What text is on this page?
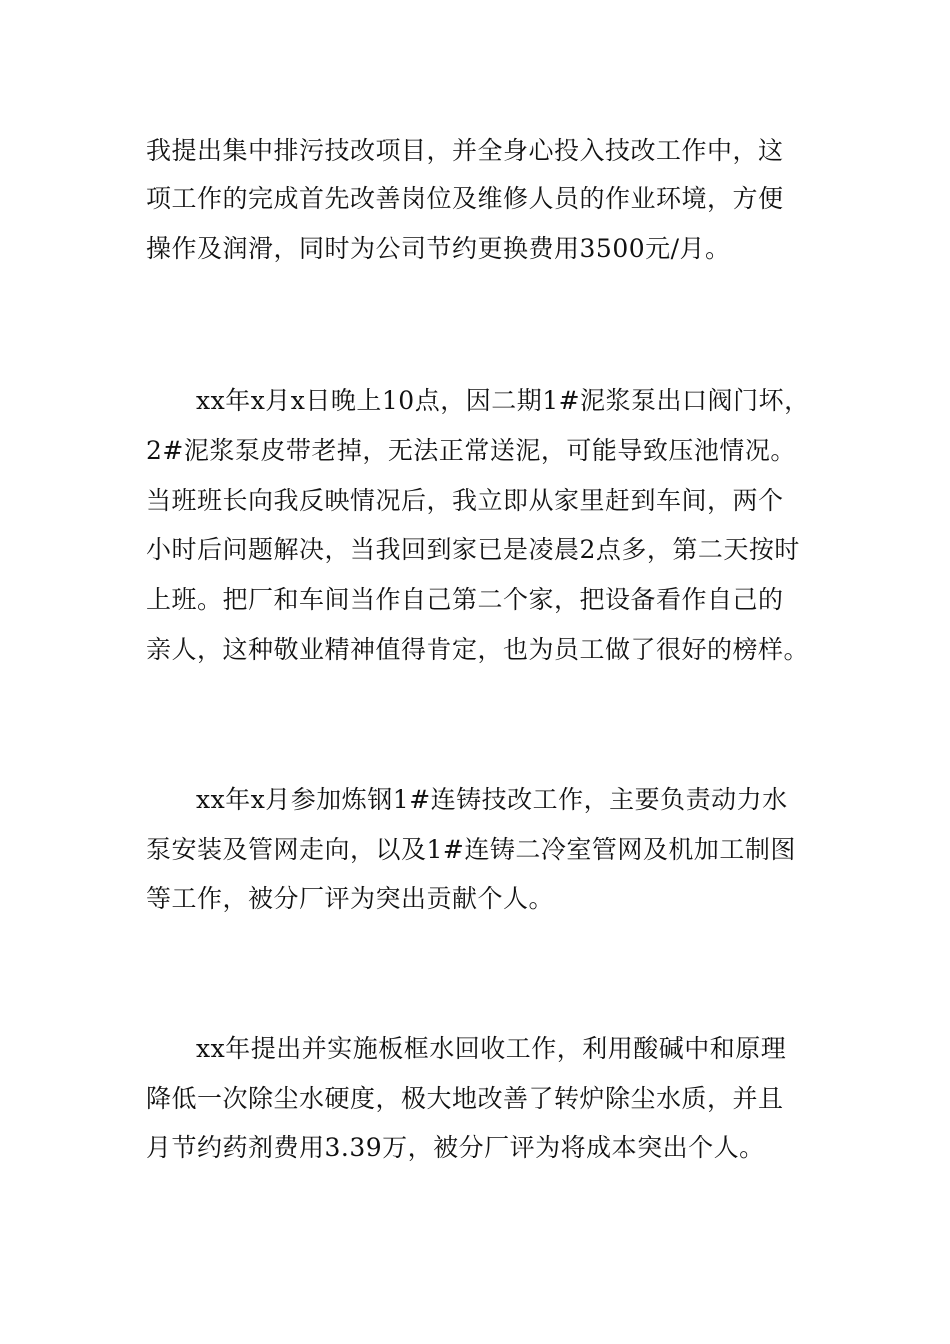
我提出集中排污技改项目，并全身心投入技改工作中，这
项工作的完成首先改善岗位及维修人员的作业环境，方便
操作及润滑，同时为公司节约更换费用3500元/月。
xx年x月x日晚上10点，因二期1#泥浆泵出口阀门坏，
2#泥浆泵皮带老掉，无法正常送泥，可能导致压池情况。
当班班长向我反映情况后，我立即从家里赶到车间，两个
小时后问题解决，当我回到家已是凌晨2点多，第二天按时
上班。把厂和车间当作自己第二个家，把设备看作自己的
亲人，这种敬业精神值得肯定，也为员工做了很好的榜样。
xx年x月参加炼钢1#连铸技改工作，主要负责动力水
泵安装及管网走向，以及1#连铸二冷室管网及机加工制图
等工作，被分厂评为突出贡献个人。
xx年提出并实施板框水回收工作，利用酸碱中和原理
降低一次除尘水硬度，极大地改善了转炉除尘水质，并且
月节约药剂费用3.39万，被分厂评为将成本突出个人。
